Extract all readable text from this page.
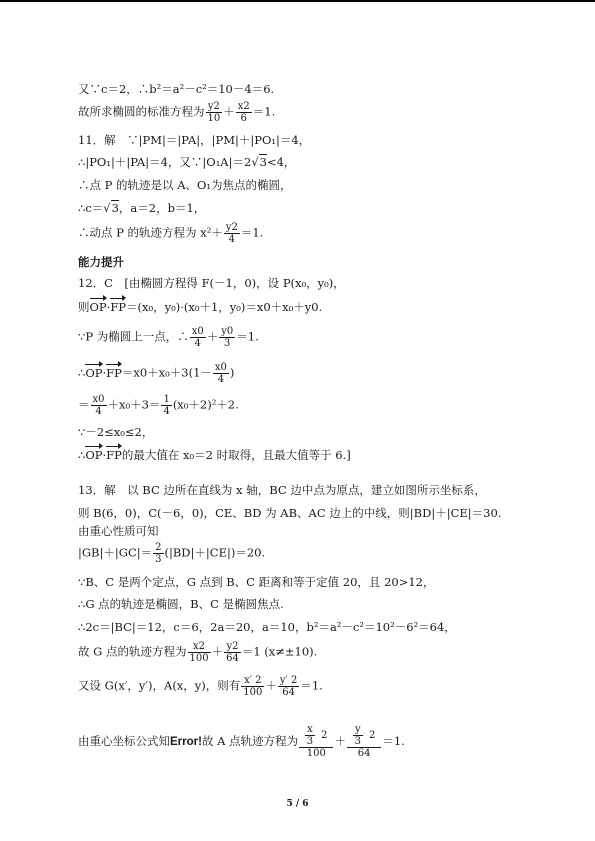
又∵c＝2，∴b²＝a²－c²＝10－4＝6.
故所求椭圆的标准方程为 $\frac{y2}{10} + \frac{x2}{6} =1$.
11．解　∵|PM|＝|PA|，|PM|＋|PO₁|＝4，
∴|PO₁|＋|PA|＝4，又∵|O₁A|＝2√3<4，
∴点 P 的轨迹是以 A、O₁为焦点的椭圆，
∴c＝√3，a＝2，b＝1，
∴动点 P 的轨迹方程为 $x^2+ \frac{y2}{4} =1$.
能力提升
12．C　[由椭圆方程得 F(－1，0)，设 P(x₀，y₀)，
则OP·FP＝(x₀，y₀)·(x₀＋1，y₀)＝x0＋x₀＋y0.
∵P 为椭圆上一点，∴ $\frac{x0}{4} + \frac{y0}{3} =1$.
∴OP·FP＝x0＋x₀＋3(1－ $\frac{x0}{4}$ )
＝ $\frac{x0}{4} +x_0+3= \frac{1}{4} (x_0+2)^2+2$.
∵－2≤x₀≤2，
∴OP·FP的最大值在 x₀＝2 时取得，且最大值等于 6.]
13．解　以 BC 边所在直线为 x 轴，BC 边中点为原点，建立如图所示坐标系，
则 B(6，0)，C(－6，0)，CE、BD 为 AB、AC 边上的中线，则|BD|＋|CE|＝30.
由重心性质可知
$|GB|+|GC|= \frac{2}{3} (|BD|+|CE|)=20$.
∵B、C 是两个定点，G 点到 B、C 距离和等于定值 20，且 20>12，
∴G 点的轨迹是椭圆，B、C 是椭圆焦点.
∴2c＝|BC|＝12，c＝6，2a＝20，a＝10，b²＝a²－c²＝10²－6²＝64，
故 G 点的轨迹方程为 $\frac{x2}{100} + \frac{y2}{64} =1$ (x≠±10).
又设 G(x′，y′)，A(x，y)，则有 $\frac{x' 2}{100} + \frac{y' 2}{64} =1$.
由重心坐标公式知Error!故 A 点轨迹方程为 $\frac{\frac{x}{3} 2}{100} + \frac{\frac{y}{3} 2}{64} =1$.
5 / 6
